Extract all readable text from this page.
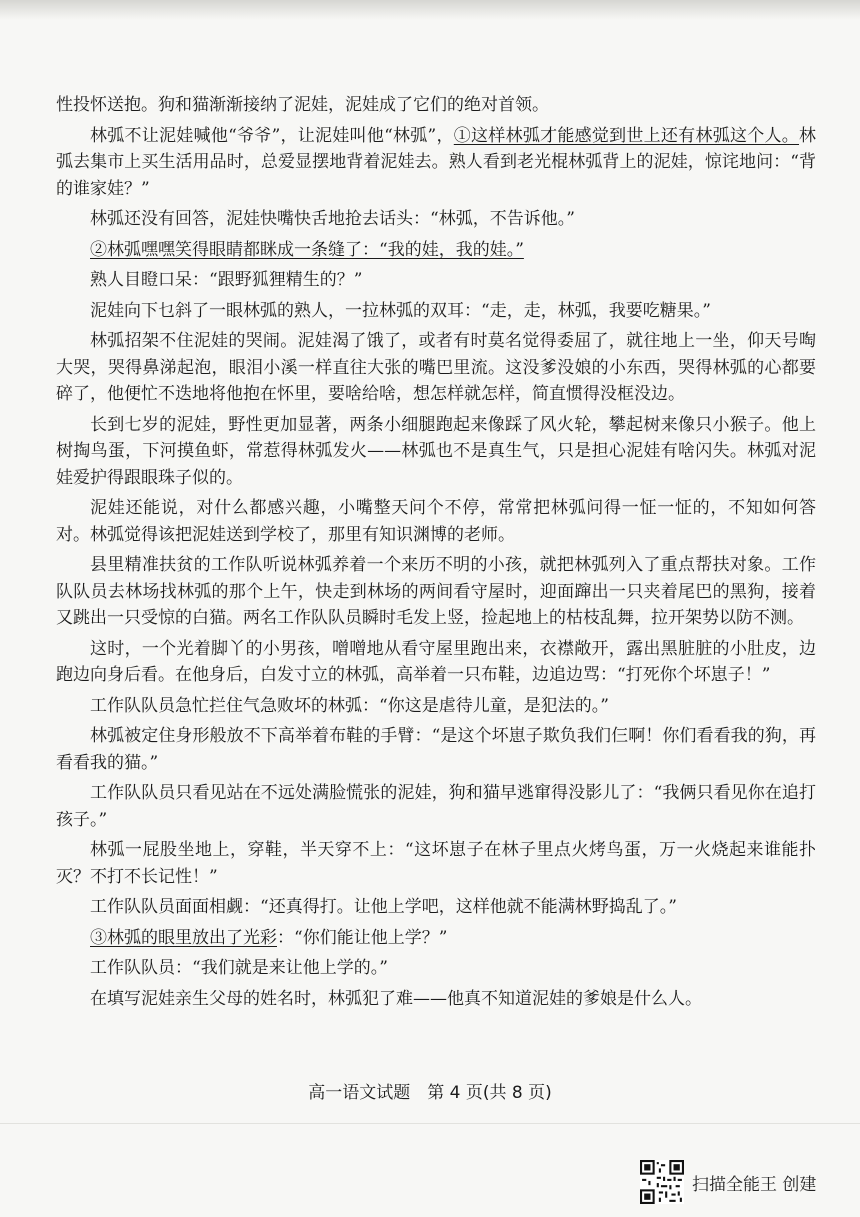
性投怀送抱。狗和猫渐渐接纳了泥娃，泥娃成了它们的绝对首领。

林弧不让泥娃喊他“爷爷”，让泥娃叫他“林弧”，①这样林弧才能感觉到世上还有林弧这个人。林弧去集市上买生活用品时，总爱显摆地背着泥娃去。熟人看到老光棍林弧背上的泥娃，惊诧地问：“背的谁家娃？”

林弧还没有回答，泥娃快嘴快舌地抢去话头：“林弧，不告诉他。”

②林弧嘿嘿笑得眼睛都眯成一条缝了：“我的娃，我的娃。”

熟人目瞪口呆：“跟野狐狸精生的？”

泥娃向下乜斜了一眼林弧的熟人，一拉林弧的双耳：“走，走，林弧，我要吃糖果。”

林弧招架不住泥娃的哭闹。泥娃渴了饿了，或者有时莫名觉得委屈了，就往地上一坐，仰天号啕大哭，哭得鼻涕起泡，眼泪小溪一样直往大张的嘴巴里流。这没爹没娘的小东西，哭得林弧的心都要碎了，他便忙不迭地将他抱在怀里，要啥给啥，想怎样就怎样，简直惯得没框没边。

长到七岁的泥娃，野性更加显著，两条小细腿跑起来像踩了风火轮，攀起树来像只小猴子。他上树掏鸟蛋，下河摸鱼虾，常惹得林弧发火——林弧也不是真生气，只是担心泥娃有啥闪失。林弧对泥娃爱护得跟眼珠子似的。

泥娃还能说，对什么都感兴趣，小嘴整天问个不停，常常把林弧问得一怔一怔的，不知如何答对。林弧觉得该把泥娃送到学校了，那里有知识渊博的老师。

县里精准扶贫的工作队听说林弧养着一个来历不明的小孩，就把林弧列入了重点帮扶对象。工作队队员去林场找林弧的那个上午，快走到林场的两间看守屋时，迎面蹿出一只夹着尾巴的黑狗，接着又跳出一只受惊的白猫。两名工作队队员瞬时毛发上竖，捡起地上的枯枝乱舞，拉开架势以防不测。

这时，一个光着脚丫的小男孩，噌噌地从看守屋里跑出来，衣襟敞开，露出黑脏脏的小肚皮，边跑边向身后看。在他身后，白发寸立的林弧，高举着一只布鞋，边追边骂：“打死你个坏崽子！”

工作队队员急忙拦住气急败坏的林弧：“你这是虐待儿童，是犯法的。”

林弧被定住身形般放不下高举着布鞋的手臂：“是这个坏崽子欺负我们仨啊！你们看看我的狗，再看看我的猫。”

工作队队员只看见站在不远处满脸慌张的泥娃，狗和猫早逃窜得没影儿了：“我俩只看见你在追打孩子。”

林弧一屁股坐地上，穿鞋，半天穿不上：“这坏崽子在林子里点火烤鸟蛋，万一火烧起来谁能扑灭？不打不长记性！”

工作队队员面面相觑：“还真得打。让他上学吧，这样他就不能满林野捣乱了。”

③林弧的眼里放出了光彩：“你们能让他上学？”

工作队队员：“我们就是来让他上学的。”

在填写泥娃亲生父母的姓名时，林弧犯了难——他真不知道泥娃的爹娘是什么人。

高一语文试题　第 4 页(共 8 页)
扫描全能王 创建
